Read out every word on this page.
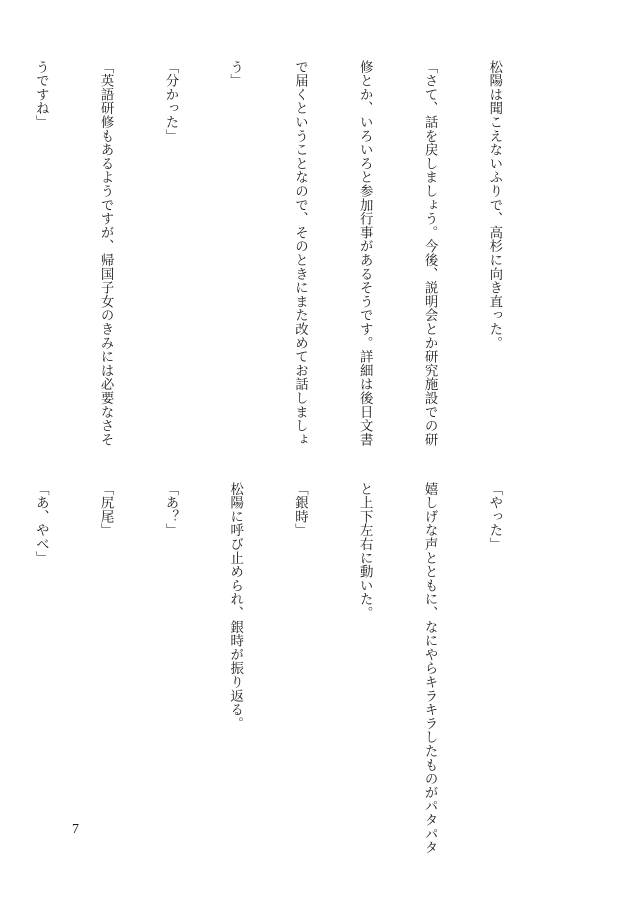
松陽は聞こえないふりで、高杉に向き直った。

「さて、話を戻しましょう。今後、説明会とか研究施設での研

修とか、いろいろと参加行事があるそうです。詳細は後日文書

で届くということなので、そのときにまた改めてお話しましょ

う」

「分かった」

「英語研修もあるようですが、帰国子女のきみには必要なさそ

うですね」

「やった」

嬉しげな声とともに、なにやらキラキラしたものがパタパタ

と上下左右に動いた。

「銀時」

松陽に呼び止められ、銀時が振り返る。

「あ？」

「尻尾」

「あ、やべ」

7
